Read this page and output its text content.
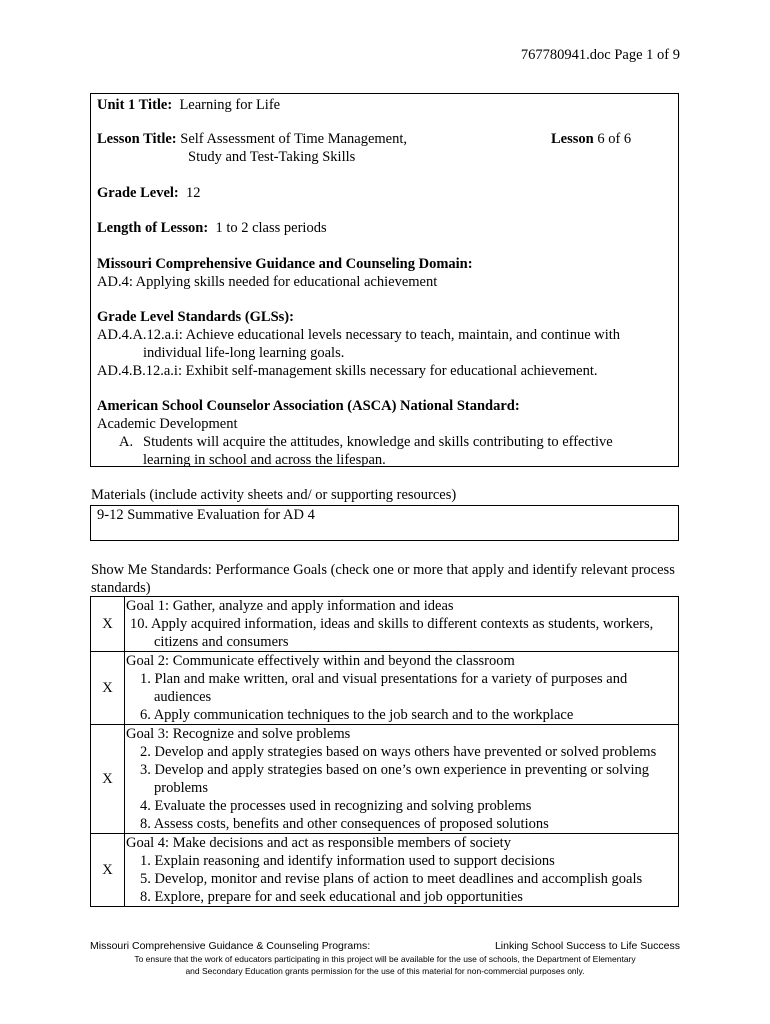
767780941.doc Page 1 of 9
Unit 1 Title: Learning for Life
Lesson Title: Self Assessment of Time Management,
Study and Test-Taking Skills
Lesson 6 of 6
Grade Level: 12
Length of Lesson: 1 to 2 class periods
Missouri Comprehensive Guidance and Counseling Domain:
AD.4: Applying skills needed for educational achievement
Grade Level Standards (GLSs):
AD.4.A.12.a.i: Achieve educational levels necessary to teach, maintain, and continue with
individual life-long learning goals.
AD.4.B.12.a.i: Exhibit self-management skills necessary for educational achievement.
American School Counselor Association (ASCA) National Standard:
Academic Development
A. Students will acquire the attitudes, knowledge and skills contributing to effective
learning in school and across the lifespan.
Materials (include activity sheets and/ or supporting resources)
9-12 Summative Evaluation for AD 4
Show Me Standards: Performance Goals (check one or more that apply and identify relevant process standards)
X	Goal 1: Gather, analyze and apply information and ideas
10. Apply acquired information, ideas and skills to different contexts as students, workers, citizens and consumers

X	Goal 2: Communicate effectively within and beyond the classroom
1. Plan and make written, oral and visual presentations for a variety of purposes and audiences
6. Apply communication techniques to the job search and to the workplace

X	Goal 3: Recognize and solve problems
2. Develop and apply strategies based on ways others have prevented or solved problems
3. Develop and apply strategies based on one’s own experience in preventing or solving problems
4. Evaluate the processes used in recognizing and solving problems
8. Assess costs, benefits and other consequences of proposed solutions

X	Goal 4: Make decisions and act as responsible members of society
1. Explain reasoning and identify information used to support decisions
5. Develop, monitor and revise plans of action to meet deadlines and accomplish goals
8. Explore, prepare for and seek educational and job opportunities
Missouri Comprehensive Guidance & Counseling Programs:	Linking School Success to Life Success
To ensure that the work of educators participating in this project will be available for the use of schools, the Department of Elementary
and Secondary Education grants permission for the use of this material for non-commercial purposes only.
